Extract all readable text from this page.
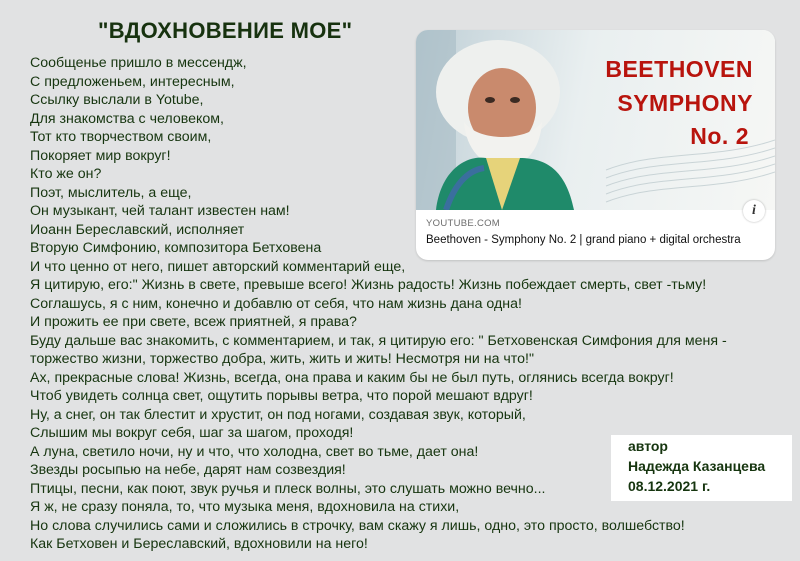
"ВДОХНОВЕНИЕ МОЕ"
Сообщенье пришло в мессендж,
С предложеньем, интересным,
Ссылку выслали в Yotube,
Для знакомства с человеком,
Тот кто творчеством своим,
Покоряет мир вокруг!
Кто же он?
Поэт, мыслитель, а еще,
Он музыкант, чей талант известен нам!
Иоанн Береславский, исполняет
Вторую Симфонию, композитора Бетховена
И что ценно от него, пишет авторский комментарий еще,
Я цитирую, его:" Жизнь в свете, превыше всего! Жизнь радость! Жизнь побеждает смерть, свет -тьму!
Соглашусь, я с ним, конечно и добавлю от себя, что нам жизнь дана одна!
И прожить ее при свете, всеж приятней, я права?
Буду дальше вас знакомить, с комментарием, и так, я цитирую его: " Бетховенская Симфония для меня -
торжество жизни, торжество добра, жить, жить и жить! Несмотря ни на что!"
Ах, прекрасные слова! Жизнь, всегда, она права и каким бы не был путь, оглянись всегда вокруг!
Чтоб увидеть солнца свет, ощутить порывы ветра, что порой мешают вдруг!
Ну, а снег, он так блестит и хрустит, он под ногами, создавая звук, который,
Слышим мы вокруг себя, шаг за шагом, проходя!
А луна, светило ночи, ну и что, что холодна, свет во тьме, дает она!
Звезды росыпью на небе, дарят нам созвездия!
Птицы, песни, как поют, звук ручья и плеск волны, это слушать можно вечно...
Я ж, не сразу поняла, то, что музыка меня, вдохновила на стихи,
Но слова случились сами и сложились в строчку, вам скажу я лишь, одно, это просто, волшебство!
Как Бетховен и Береславский, вдохновили на него!
BEETHOVEN
SYMPHONY
No. 2
i
YOUTUBE.COM
Beethoven - Symphony No. 2 | grand piano + digital orchestra
автор
Надежда Казанцева
08.12.2021 г.
